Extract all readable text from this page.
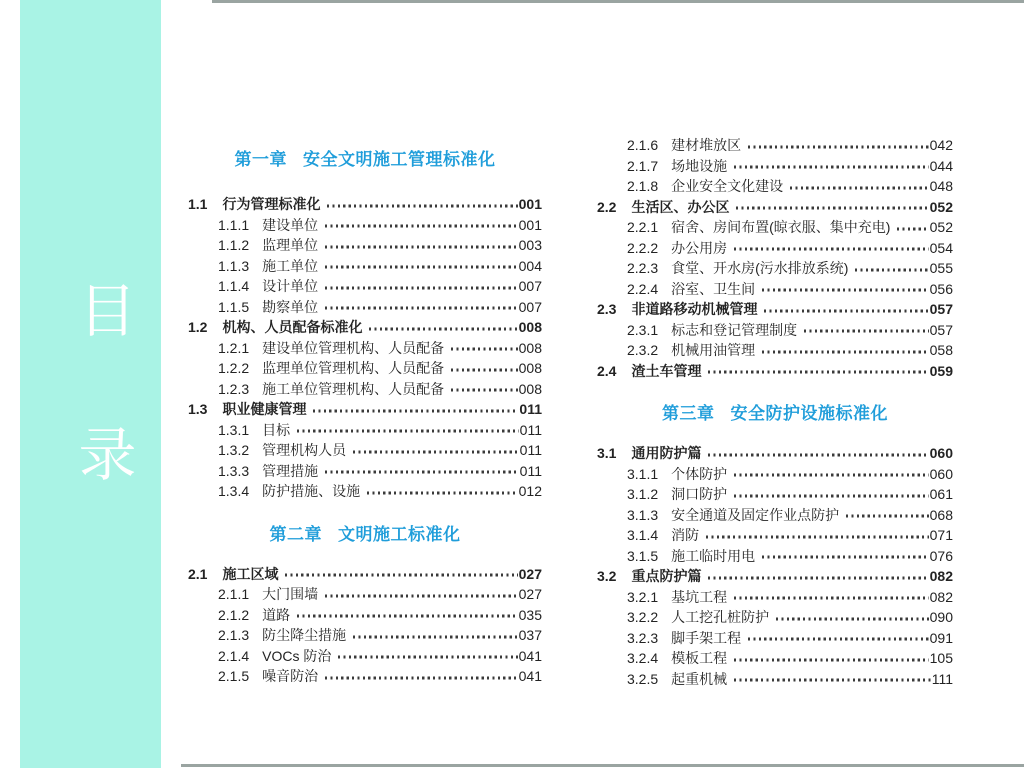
目
录
第一章 安全文明施工管理标准化
1.1 行为管理标准化	001
1.1.1 建设单位	001
1.1.2 监理单位	003
1.1.3 施工单位	004
1.1.4 设计单位	007
1.1.5 勘察单位	007
1.2 机构、人员配备标准化	008
1.2.1 建设单位管理机构、人员配备	008
1.2.2 监理单位管理机构、人员配备	008
1.2.3 施工单位管理机构、人员配备	008
1.3 职业健康管理	011
1.3.1 目标	011
1.3.2 管理机构人员	011
1.3.3 管理措施	011
1.3.4 防护措施、设施	012
第二章 文明施工标准化
2.1 施工区域	027
2.1.1 大门围墙	027
2.1.2 道路	035
2.1.3 防尘降尘措施	037
2.1.4 VOCs 防治	041
2.1.5 噪音防治	041
2.1.6 建材堆放区	042
2.1.7 场地设施	044
2.1.8 企业安全文化建设	048
2.2 生活区、办公区	052
2.2.1 宿舍、房间布置(晾衣服、集中充电)	052
2.2.2 办公用房	054
2.2.3 食堂、开水房(污水排放系统)	055
2.2.4 浴室、卫生间	056
2.3 非道路移动机械管理	057
2.3.1 标志和登记管理制度	057
2.3.2 机械用油管理	058
2.4 渣土车管理	059
第三章 安全防护设施标准化
3.1 通用防护篇	060
3.1.1 个体防护	060
3.1.2 洞口防护	061
3.1.3 安全通道及固定作业点防护	068
3.1.4 消防	071
3.1.5 施工临时用电	076
3.2 重点防护篇	082
3.2.1 基坑工程	082
3.2.2 人工挖孔桩防护	090
3.2.3 脚手架工程	091
3.2.4 模板工程	105
3.2.5 起重机械	111
